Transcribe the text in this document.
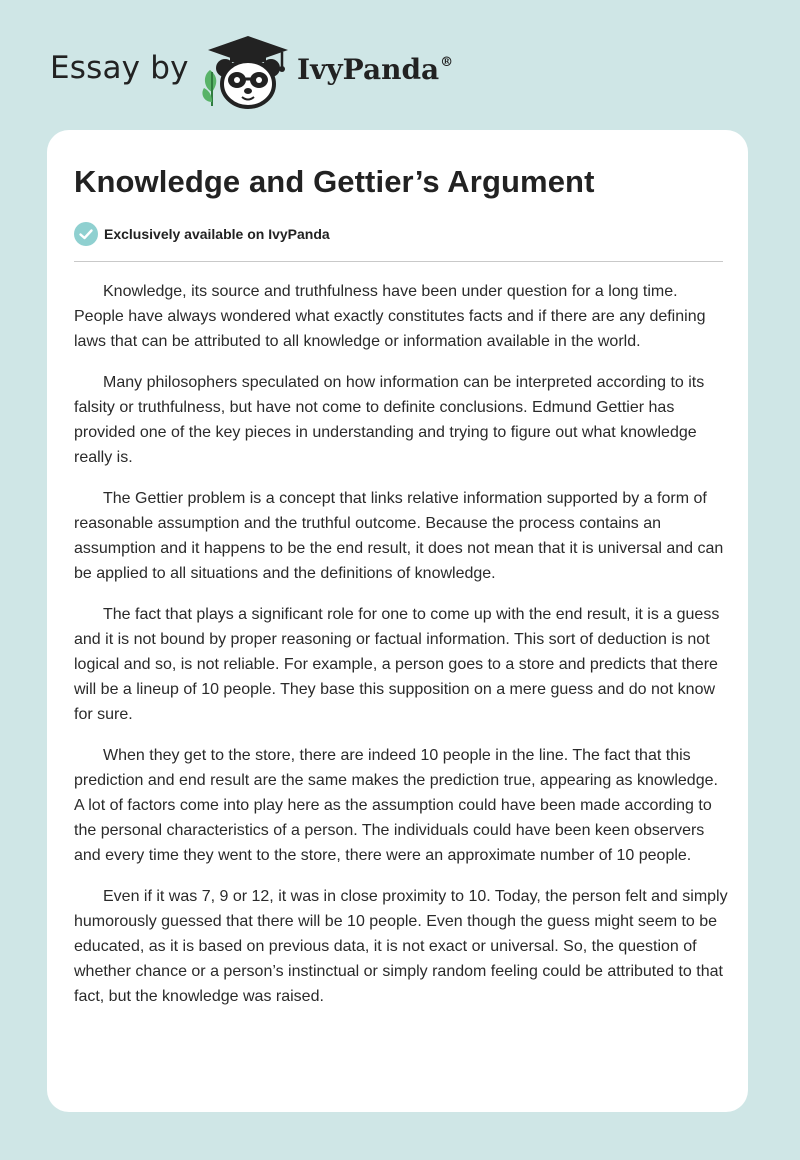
Essay by	IvyPanda®
Knowledge and Gettier’s Argument
Exclusively available on IvyPanda

Knowledge, its source and truthfulness have been under question for a long time. People have always wondered what exactly constitutes facts and if there are any defining laws that can be attributed to all knowledge or information available in the world.

Many philosophers speculated on how information can be interpreted according to its falsity or truthfulness, but have not come to definite conclusions. Edmund Gettier has provided one of the key pieces in understanding and trying to figure out what knowledge really is.

The Gettier problem is a concept that links relative information supported by a form of reasonable assumption and the truthful outcome. Because the process contains an assumption and it happens to be the end result, it does not mean that it is universal and can be applied to all situations and the definitions of knowledge.

The fact that plays a significant role for one to come up with the end result, it is a guess and it is not bound by proper reasoning or factual information. This sort of deduction is not logical and so, is not reliable. For example, a person goes to a store and predicts that there will be a lineup of 10 people. They base this supposition on a mere guess and do not know for sure.

When they get to the store, there are indeed 10 people in the line. The fact that this prediction and end result are the same makes the prediction true, appearing as knowledge. A lot of factors come into play here as the assumption could have been made according to the personal characteristics of a person. The individuals could have been keen observers and every time they went to the store, there were an approximate number of 10 people.

Even if it was 7, 9 or 12, it was in close proximity to 10. Today, the person felt and simply humorously guessed that there will be 10 people. Even though the guess might seem to be educated, as it is based on previous data, it is not exact or universal. So, the question of whether chance or a person’s instinctual or simply random feeling could be attributed to that fact, but the knowledge was raised.
